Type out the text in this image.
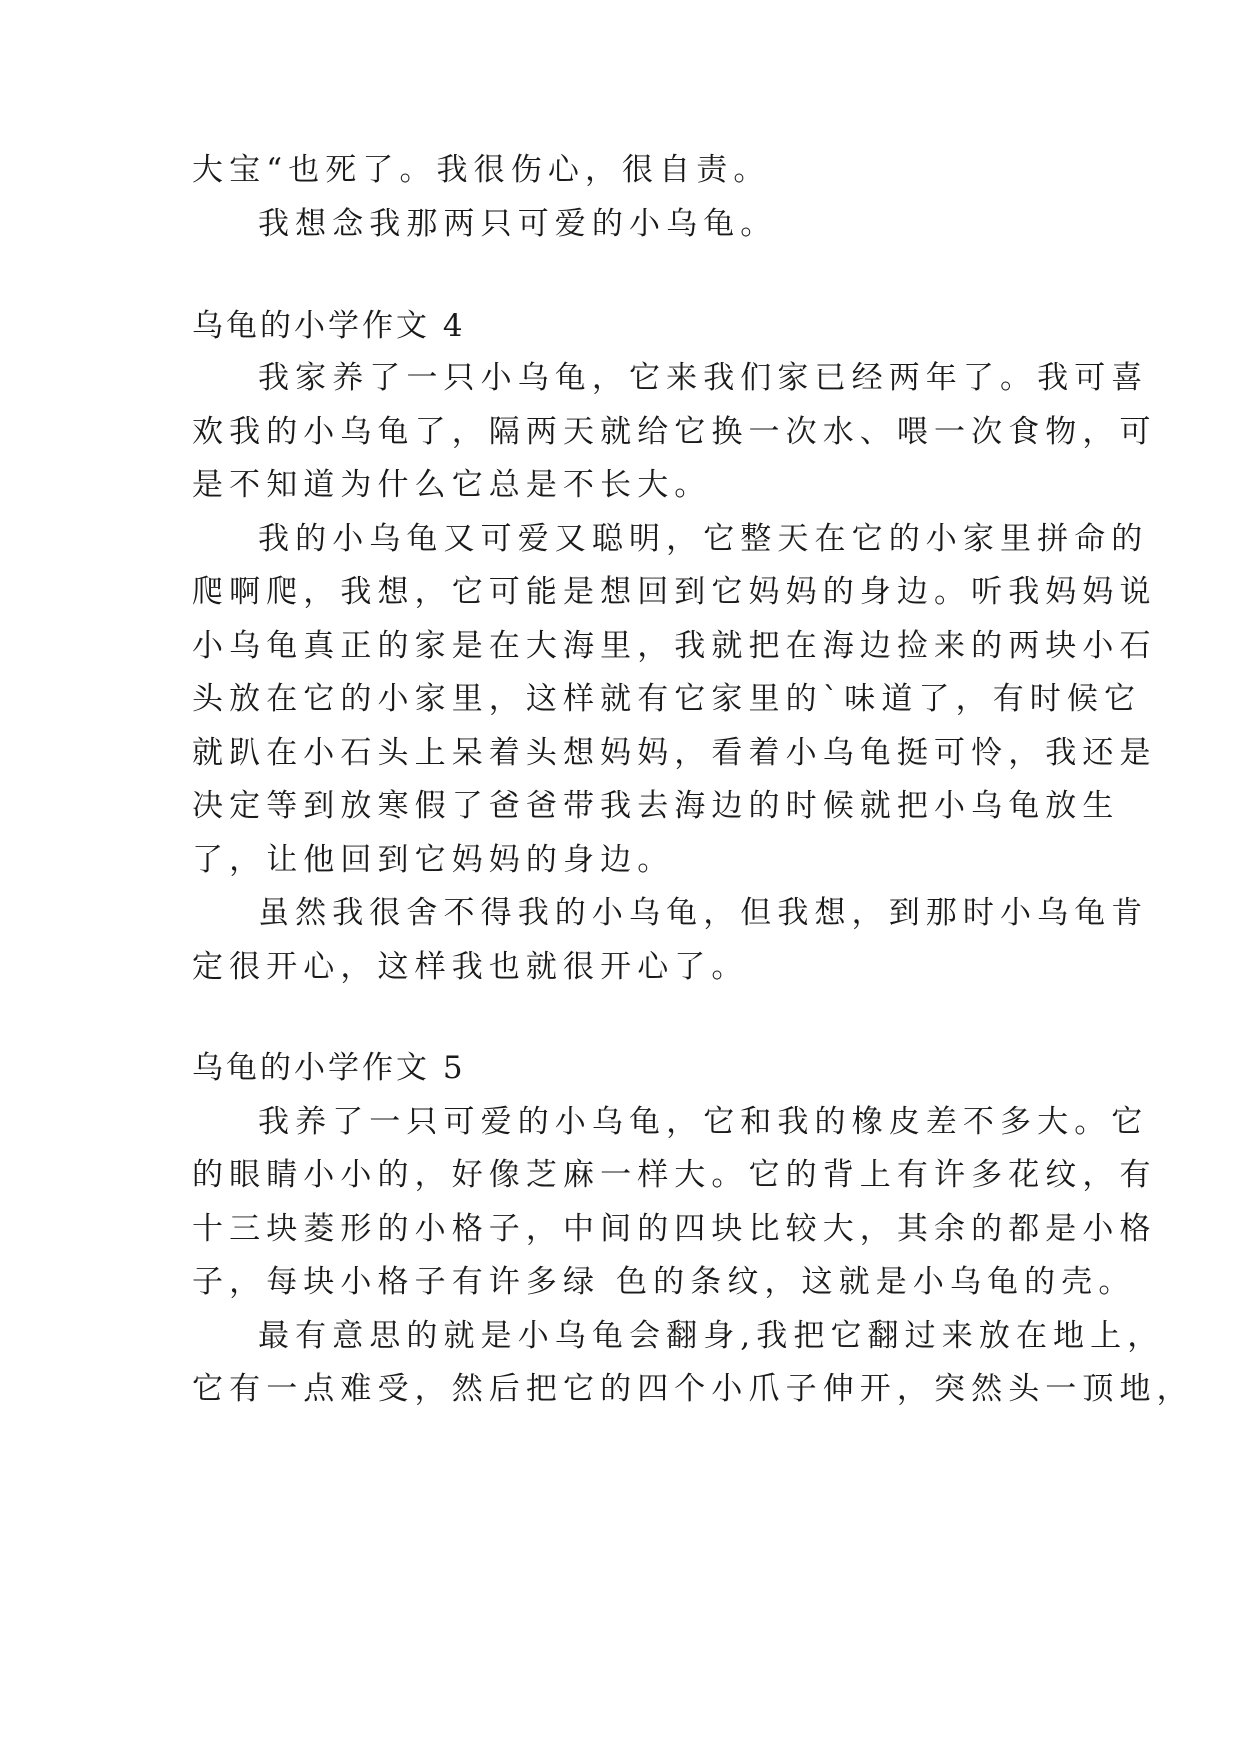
大宝“也死了。我很伤心，很自责。
我想念我那两只可爱的小乌龟。
乌龟的小学作文 4
我家养了一只小乌龟，它来我们家已经两年了。我可喜
欢我的小乌龟了，隔两天就给它换一次水、喂一次食物，可
是不知道为什么它总是不长大。
我的小乌龟又可爱又聪明，它整天在它的小家里拼命的
爬啊爬，我想，它可能是想回到它妈妈的身边。听我妈妈说
小乌龟真正的家是在大海里，我就把在海边捡来的两块小石
头放在它的小家里，这样就有它家里的`味道了，有时候它
就趴在小石头上呆着头想妈妈，看着小乌龟挺可怜，我还是
决定等到放寒假了爸爸带我去海边的时候就把小乌龟放生
了，让他回到它妈妈的身边。
虽然我很舍不得我的小乌龟，但我想，到那时小乌龟肯
定很开心，这样我也就很开心了。
乌龟的小学作文 5
我养了一只可爱的小乌龟，它和我的橡皮差不多大。它
的眼睛小小的，好像芝麻一样大。它的背上有许多花纹，有
十三块菱形的小格子，中间的四块比较大，其余的都是小格
子，每块小格子有许多绿 色的条纹，这就是小乌龟的壳。
最有意思的就是小乌龟会翻身,我把它翻过来放在地上，
它有一点难受，然后把它的四个小爪子伸开，突然头一顶地，
